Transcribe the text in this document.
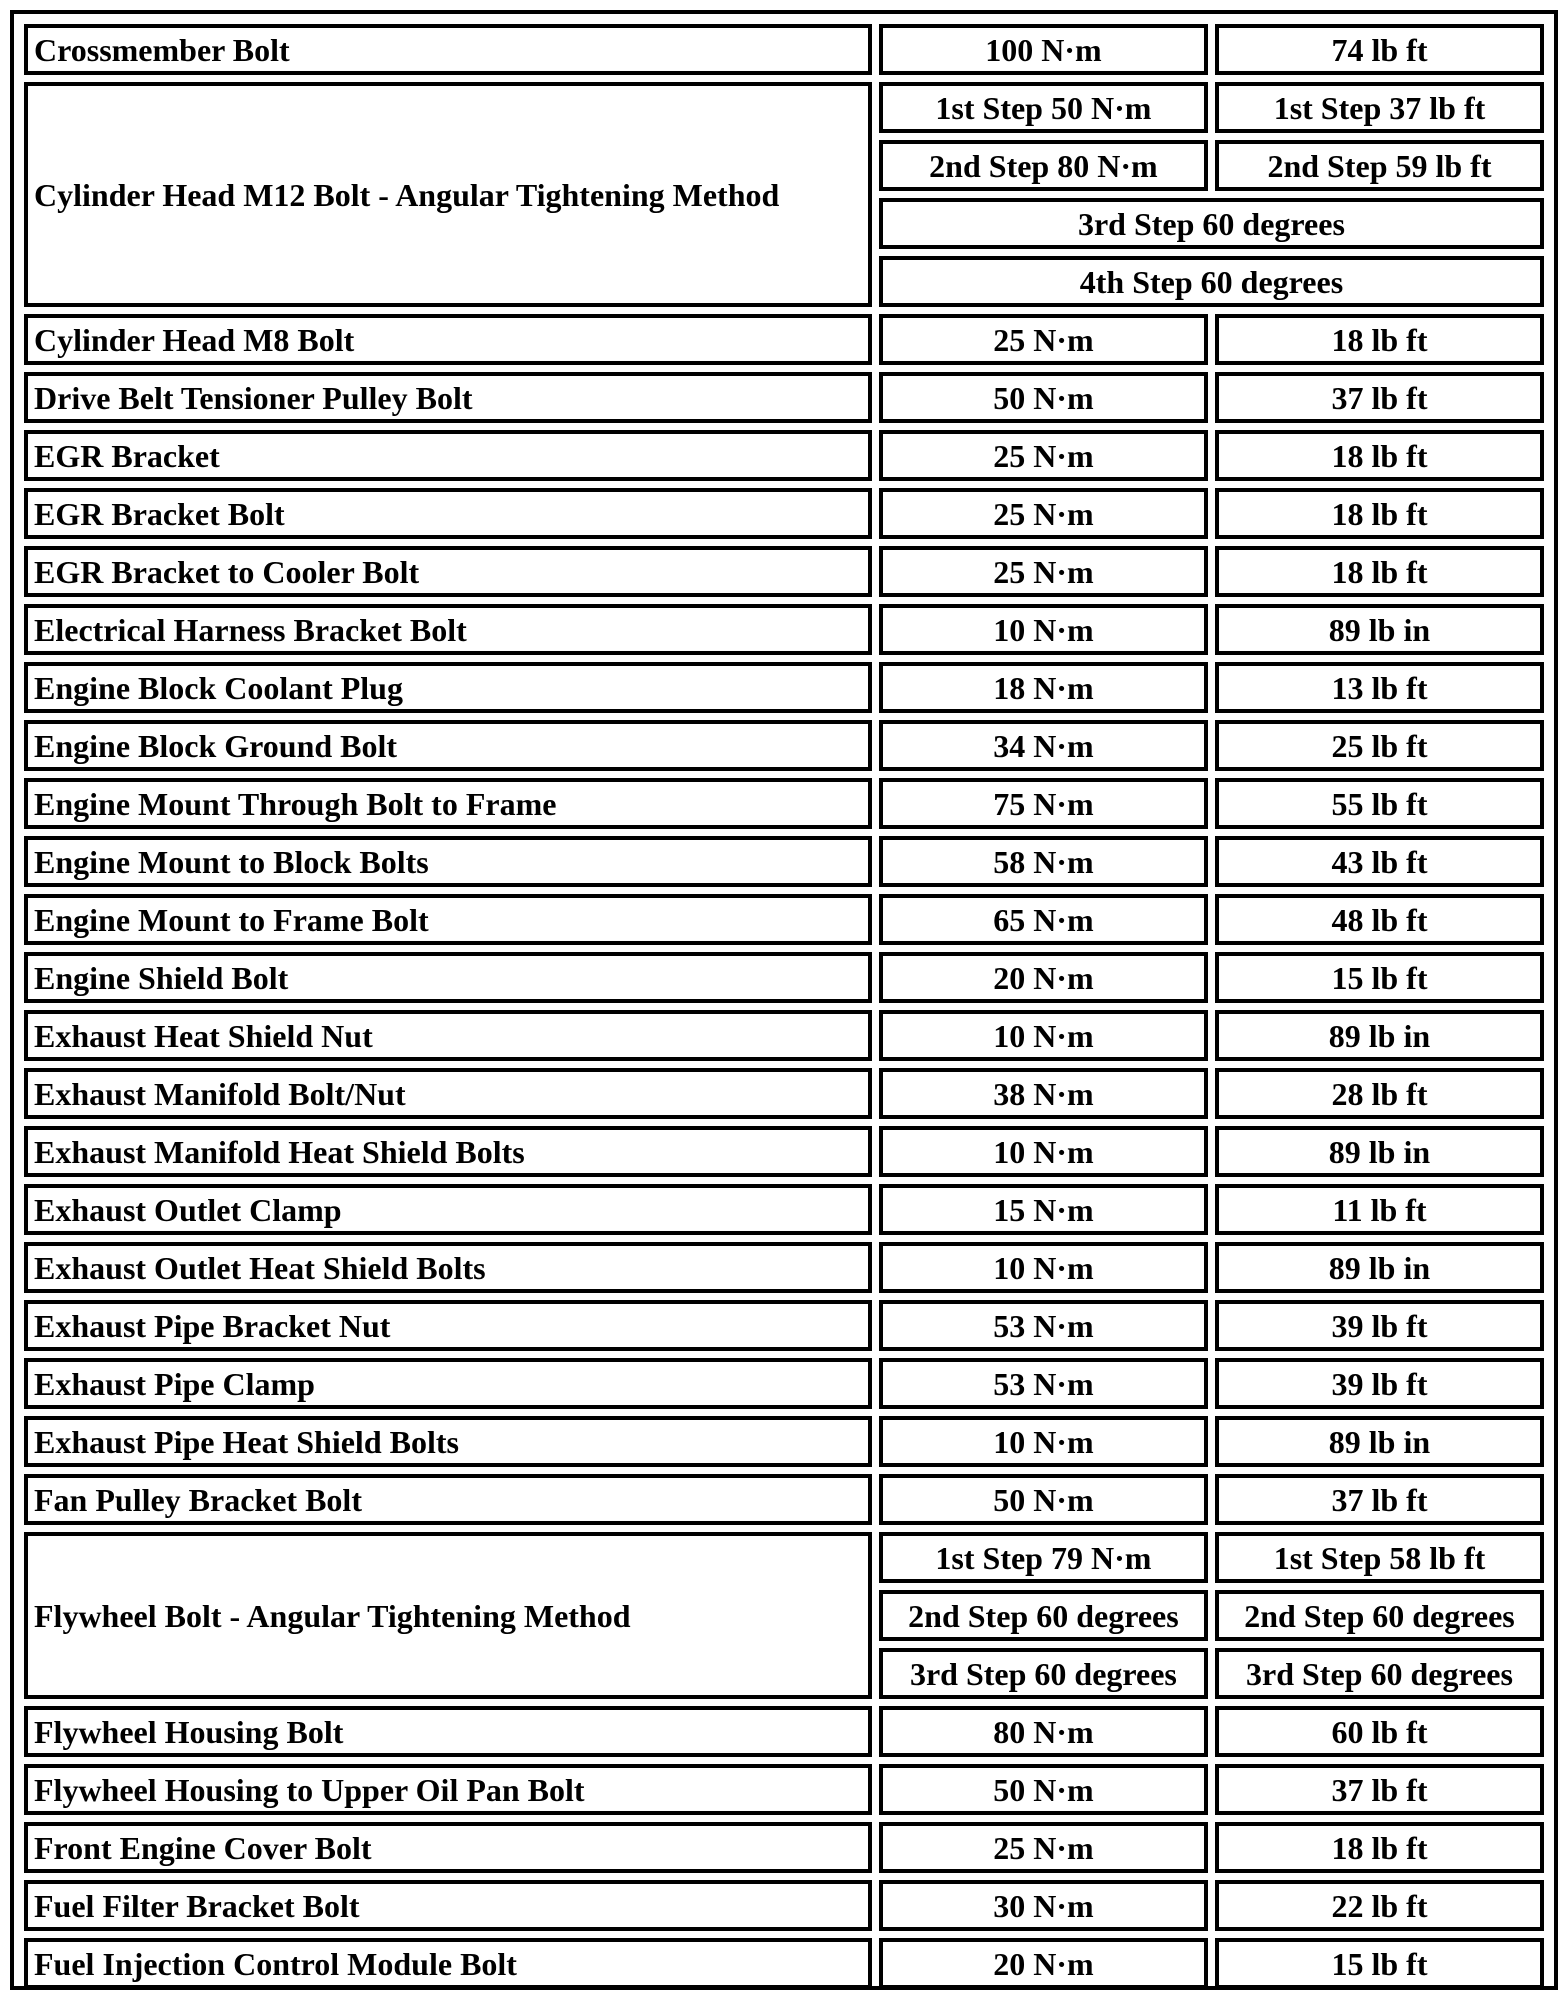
Crossmember Bolt	100 N·m	74 lb ft
Cylinder Head M12 Bolt - Angular Tightening Method	1st Step 50 N·m	1st Step 37 lb ft
	2nd Step 80 N·m	2nd Step 59 lb ft
	3rd Step 60 degrees	
	4th Step 60 degrees	
Cylinder Head M8 Bolt	25 N·m	18 lb ft
Drive Belt Tensioner Pulley Bolt	50 N·m	37 lb ft
EGR Bracket	25 N·m	18 lb ft
EGR Bracket Bolt	25 N·m	18 lb ft
EGR Bracket to Cooler Bolt	25 N·m	18 lb ft
Electrical Harness Bracket Bolt	10 N·m	89 lb in
Engine Block Coolant Plug	18 N·m	13 lb ft
Engine Block Ground Bolt	34 N·m	25 lb ft
Engine Mount Through Bolt to Frame	75 N·m	55 lb ft
Engine Mount to Block Bolts	58 N·m	43 lb ft
Engine Mount to Frame Bolt	65 N·m	48 lb ft
Engine Shield Bolt	20 N·m	15 lb ft
Exhaust Heat Shield Nut	10 N·m	89 lb in
Exhaust Manifold Bolt/Nut	38 N·m	28 lb ft
Exhaust Manifold Heat Shield Bolts	10 N·m	89 lb in
Exhaust Outlet Clamp	15 N·m	11 lb ft
Exhaust Outlet Heat Shield Bolts	10 N·m	89 lb in
Exhaust Pipe Bracket Nut	53 N·m	39 lb ft
Exhaust Pipe Clamp	53 N·m	39 lb ft
Exhaust Pipe Heat Shield Bolts	10 N·m	89 lb in
Fan Pulley Bracket Bolt	50 N·m	37 lb ft
Flywheel Bolt - Angular Tightening Method	1st Step 79 N·m	1st Step 58 lb ft
	2nd Step 60 degrees	2nd Step 60 degrees
	3rd Step 60 degrees	3rd Step 60 degrees
Flywheel Housing Bolt	80 N·m	60 lb ft
Flywheel Housing to Upper Oil Pan Bolt	50 N·m	37 lb ft
Front Engine Cover Bolt	25 N·m	18 lb ft
Fuel Filter Bracket Bolt	30 N·m	22 lb ft
Fuel Injection Control Module Bolt	20 N·m	15 lb ft
